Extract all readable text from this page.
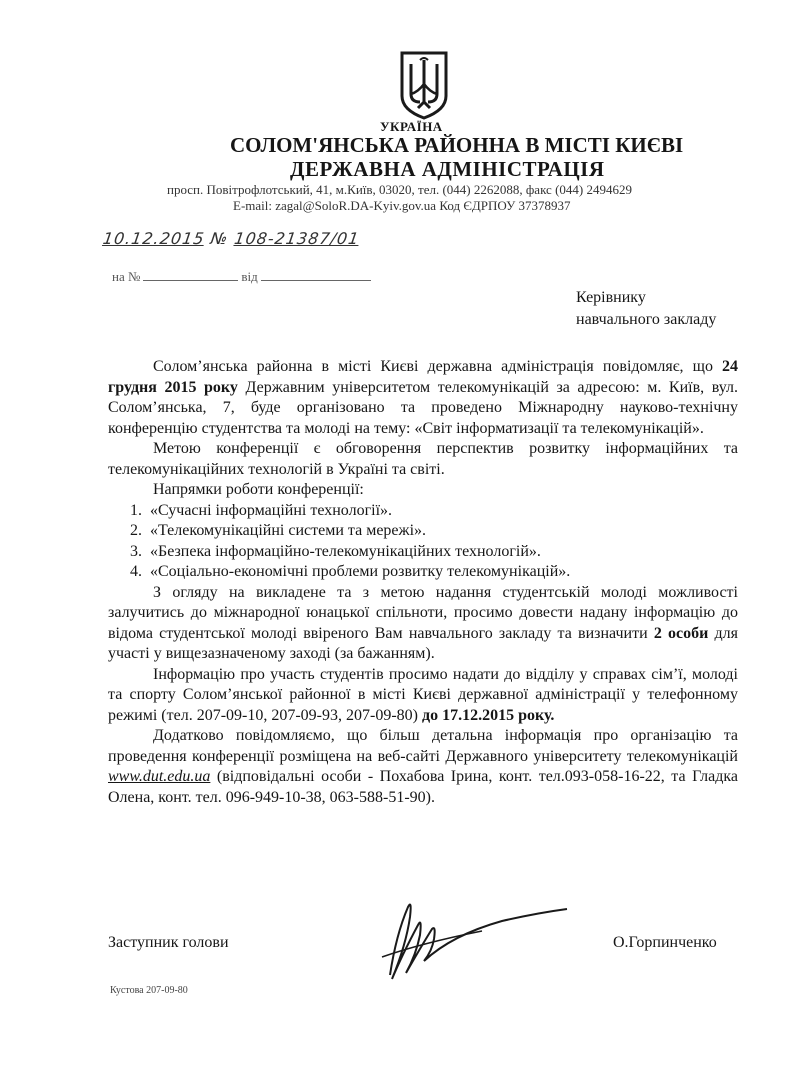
УКРАЇНА
СОЛОМ'ЯНСЬКА РАЙОННА В МІСТІ КИЄВІ
ДЕРЖАВНА АДМІНІСТРАЦІЯ
просп. Повітрофлотський, 41, м.Київ, 03020, тел. (044) 2262088, факс (044) 2494629
E-mail: zagal@SoloR.DA-Kyiv.gov.ua Код ЄДРПОУ 37378937
10.12.2015 № 108-21387/01
на №	від
Керівнику
навчального закладу

Солом’янська районна в місті Києві державна адміністрація повідомляє, що 24 грудня 2015 року Державним університетом телекомунікацій за адресою: м. Київ, вул. Солом’янська, 7, буде організовано та проведено Міжнародну науково-технічну конференцію студентства та молоді на тему: «Світ інформатизації та телекомунікацій».

Метою конференції є обговорення перспектив розвитку інформаційних та телекомунікаційних технологій в Україні та світі.

Напрямки роботи конференції:

1. «Сучасні інформаційні технології».
2. «Телекомунікаційні системи та мережі».
3. «Безпека інформаційно-телекомунікаційних технологій».
4. «Соціально-економічні проблеми розвитку телекомунікацій».

З огляду на викладене та з метою надання студентській молоді можливості залучитись до міжнародної юнацької спільноти, просимо довести надану інформацію до відома студентської молоді ввіреного Вам навчального закладу та визначити 2 особи для участі у вищезазначеному заході (за бажанням).

Інформацію про участь студентів просимо надати до відділу у справах сім’ї, молоді та спорту Солом’янської районної в місті Києві державної адміністрації у телефонному режимі (тел. 207-09-10, 207-09-93, 207-09-80) до 17.12.2015 року.

Додатково повідомляємо, що більш детальна інформація про організацію та проведення конференції розміщена на веб-сайті Державного університету телекомунікацій www.dut.edu.ua (відповідальні особи - Похабова Ірина, конт. тел.093-058-16-22, та Гладка Олена, конт. тел. 096-949-10-38, 063-588-51-90).

Заступник голови	О.Горпинченко
Кустова 207-09-80
